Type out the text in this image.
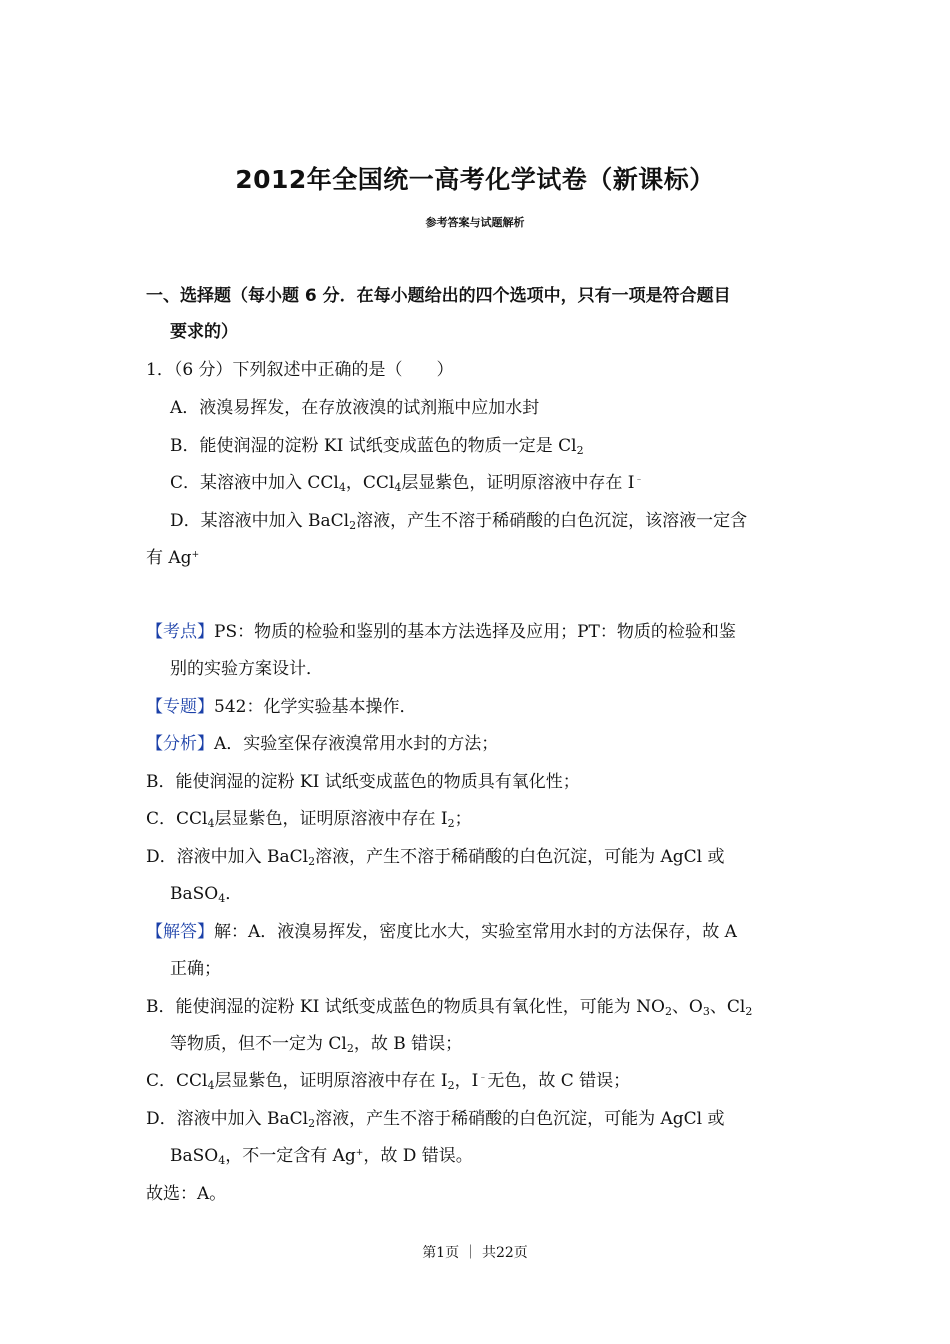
2012年全国统一高考化学试卷（新课标）
参考答案与试题解析
一、选择题（每小题 6 分．在每小题给出的四个选项中，只有一项是符合题目
要求的）
1．（6 分）下列叙述中正确的是（　　）
A．液溴易挥发，在存放液溴的试剂瓶中应加水封
B．能使润湿的淀粉 KI 试纸变成蓝色的物质一定是 $Cl_2$
C．某溶液中加入 CCl$_4$，CCl$_4$层显紫色，证明原溶液中存在 I﹣
D．某溶液中加入 BaCl$_2$溶液，产生不溶于稀硝酸的白色沉淀，该溶液一定含
有 Ag+
【考点】PS：物质的检验和鉴别的基本方法选择及应用；PT：物质的检验和鉴
别的实验方案设计．
【专题】542：化学实验基本操作．
【分析】A．实验室保存液溴常用水封的方法；
B．能使润湿的淀粉 KI 试纸变成蓝色的物质具有氧化性；
C．CCl$_4$层显紫色，证明原溶液中存在 $I_2$；
D．溶液中加入 BaCl$_2$溶液，产生不溶于稀硝酸的白色沉淀，可能为 AgCl 或
BaSO$_4$．
【解答】解：A．液溴易挥发，密度比水大，实验室常用水封的方法保存，故 A
正确；
B．能使润湿的淀粉 KI 试纸变成蓝色的物质具有氧化性，可能为 $NO_2$、$O_3$、$Cl_2$
等物质，但不一定为 $Cl_2$，故 B 错误；
C．CCl$_4$层显紫色，证明原溶液中存在 $I_2$，I﹣无色，故 C 错误；
D．溶液中加入 BaCl$_2$溶液，产生不溶于稀硝酸的白色沉淀，可能为 AgCl 或
BaSO$_4$，不一定含有 Ag+，故 D 错误。
故选：A。
第1页 ｜ 共22页
